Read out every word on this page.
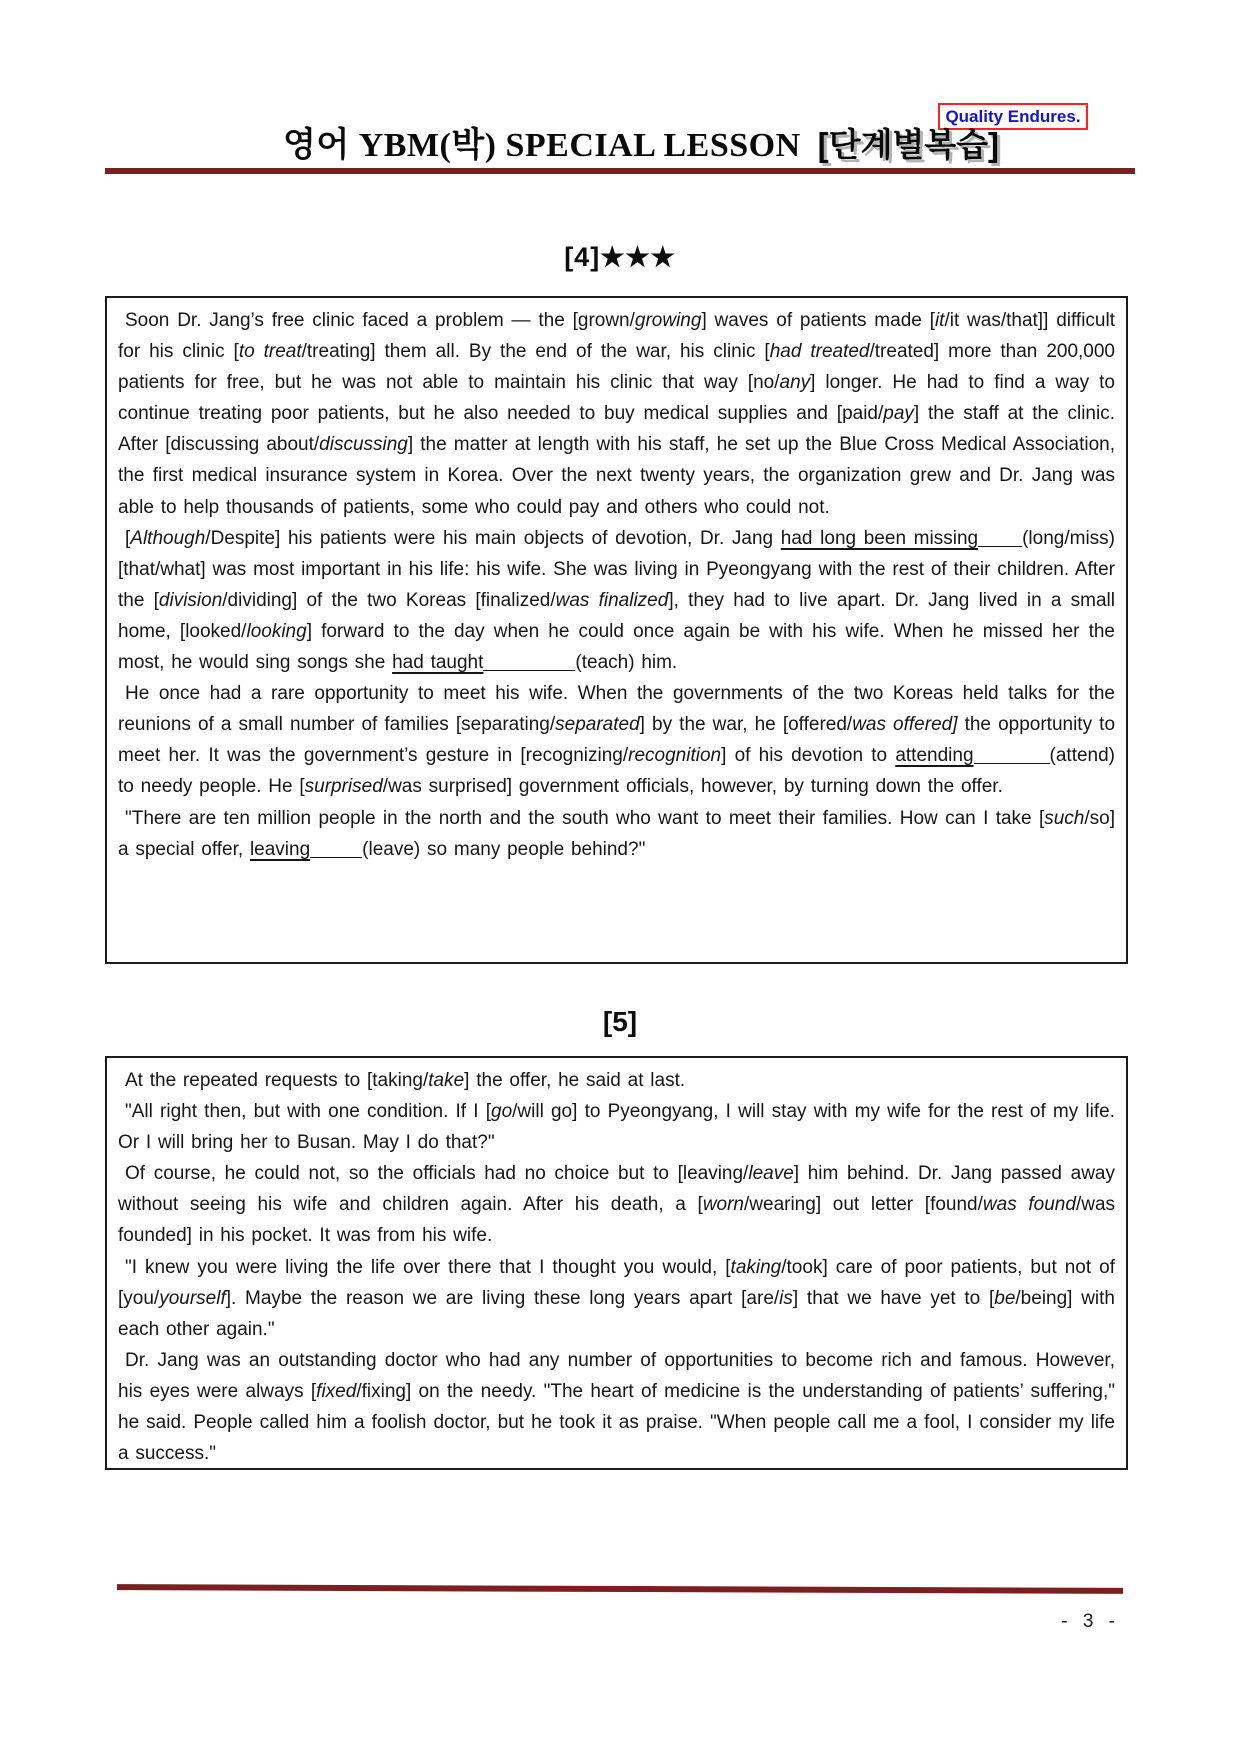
Quality Endures.
영어 YBM(박) SPECIAL LESSON [단계별복습]
[4]★★★

Soon Dr. Jang’s free clinic faced a problem — the [grown/growing] waves of patients made [it/it was/that]] difficult for his clinic [to treat/treating] them all. By the end of the war, his clinic [had treated/treated] more than 200,000 patients for free, but he was not able to maintain his clinic that way [no/any] longer. He had to find a way to continue treating poor patients, but he also needed to buy medical supplies and [paid/pay] the staff at the clinic. After [discussing about/discussing] the matter at length with his staff, he set up the Blue Cross Medical Association, the first medical insurance system in Korea. Over the next twenty years, the organization grew and Dr. Jang was able to help thousands of patients, some who could pay and others who could not.

[Although/Despite] his patients were his main objects of devotion, Dr. Jang had long been missing (long/miss) [that/what] was most important in his life: his wife. She was living in Pyeongyang with the rest of their children. After the [division/dividing] of the two Koreas [finalized/was finalized], they had to live apart. Dr. Jang lived in a small home, [looked/looking] forward to the day when he could once again be with his wife. When he missed her the most, he would sing songs she had taught	(teach) him.

He once had a rare opportunity to meet his wife. When the governments of the two Koreas held talks for the reunions of a small number of families [separating/separated] by the war, he [offered/was offered] the opportunity to meet her. It was the government’s gesture in [recognizing/recognition] of his devotion to attending	(attend) to needy people. He [surprised/was surprised] government officials, however, by turning down the offer.

"There are ten million people in the north and the south who want to meet their families. How can I take [such/so] a special offer, leaving	(leave) so many people behind?"

[5]

At the repeated requests to [taking/take] the offer, he said at last.

"All right then, but with one condition. If I [go/will go] to Pyeongyang, I will stay with my wife for the rest of my life. Or I will bring her to Busan. May I do that?"

Of course, he could not, so the officials had no choice but to [leaving/leave] him behind. Dr. Jang passed away without seeing his wife and children again. After his death, a [worn/wearing] out letter [found/was found/was founded] in his pocket. It was from his wife.

"I knew you were living the life over there that I thought you would, [taking/took] care of poor patients, but not of [you/yourself]. Maybe the reason we are living these long years apart [are/is] that we have yet to [be/being] with each other again."

Dr. Jang was an outstanding doctor who had any number of opportunities to become rich and famous. However, his eyes were always [fixed/fixing] on the needy. "The heart of medicine is the understanding of patients’ suffering," he said. People called him a foolish doctor, but he took it as praise. "When people call me a fool, I consider my life a success."

- 3 -
